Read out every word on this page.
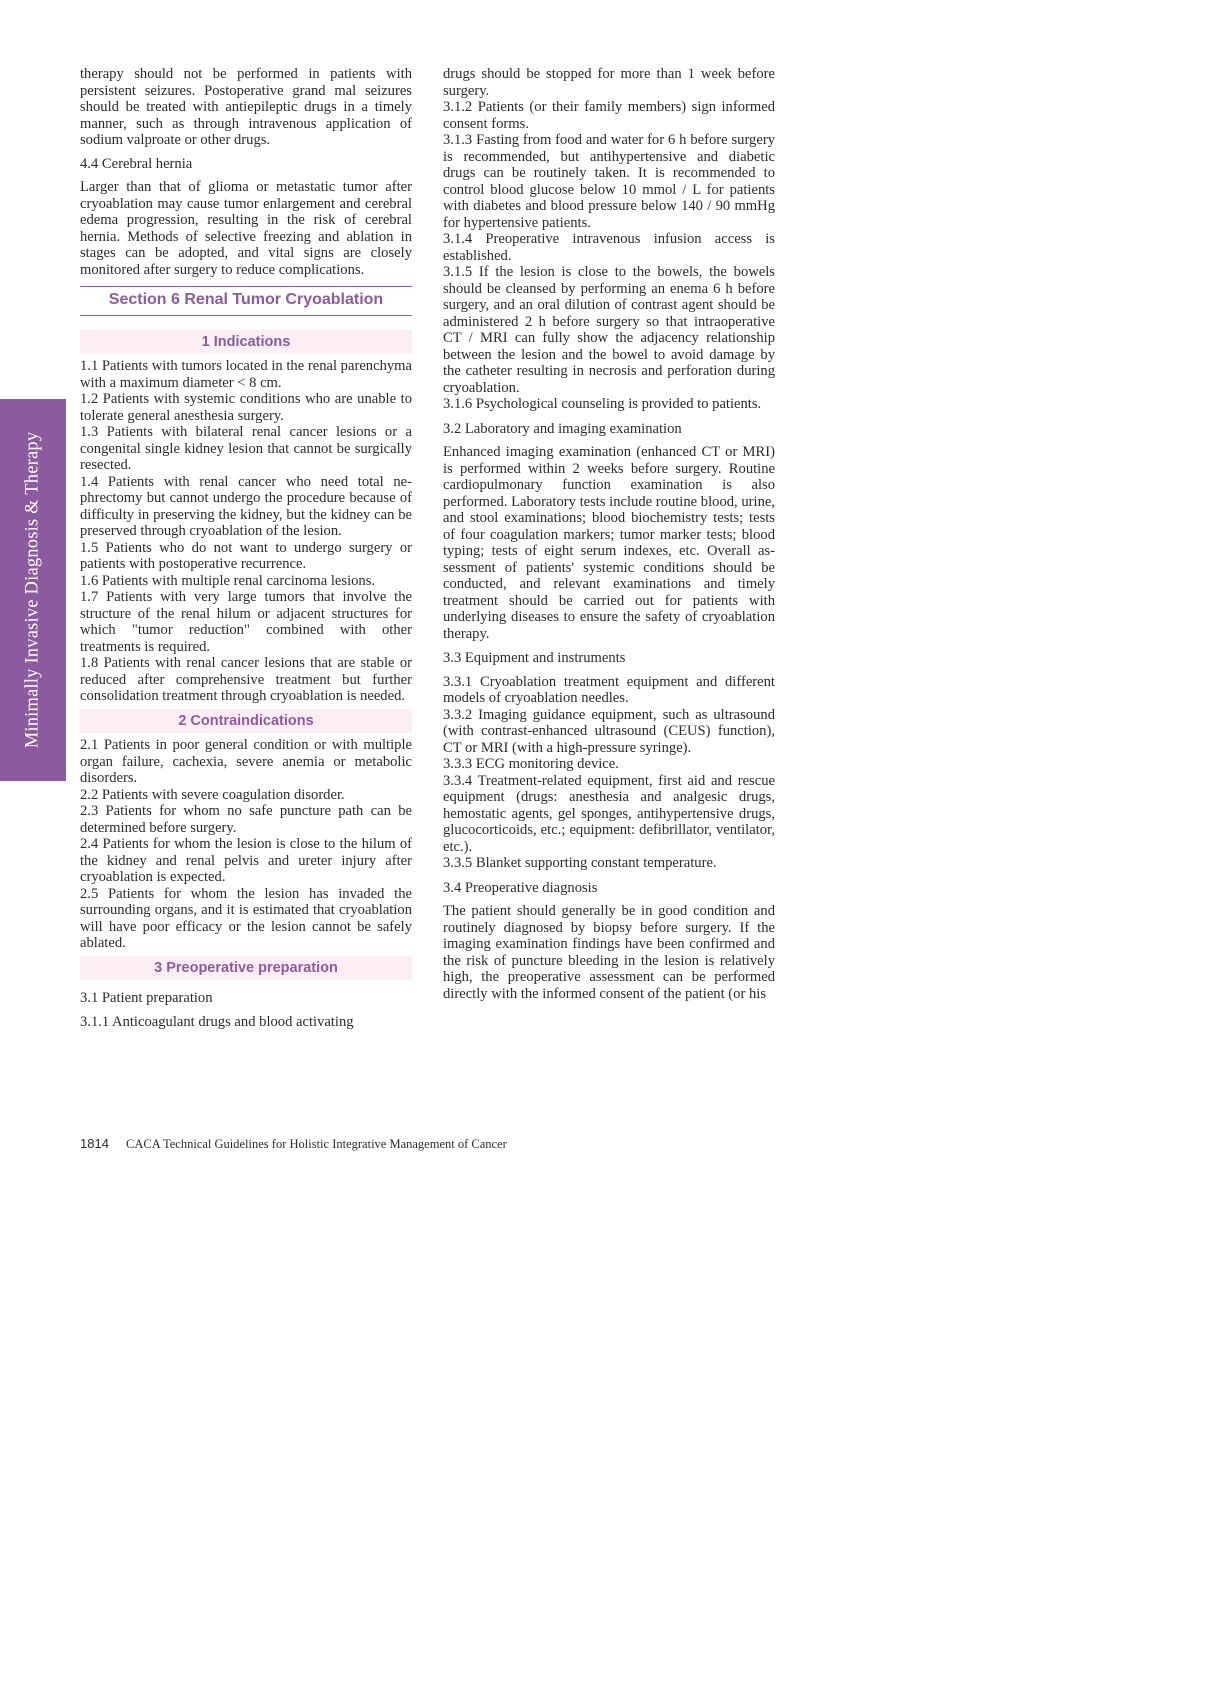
Minimally Invasive Diagnosis & Therapy

therapy should not be performed in patients with persistent seizures. Postoperative grand mal seizures should be treated with antiepileptic drugs in a timely manner, such as through intravenous application of sodium valproate or other drugs.

4.4 Cerebral hernia

Larger than that of glioma or metastatic tumor after cryoablation may cause tumor enlargement and cerebral edema progression, resulting in the risk of cerebral hernia. Methods of selective freezing and ablation in stages can be adopted, and vital signs are closely monitored after surgery to reduce complications.

Section 6 Renal Tumor Cryoablation
1 Indications

1.1 Patients with tumors located in the renal parenchyma with a maximum diameter < 8 cm.

1.2 Patients with systemic conditions who are unable to tolerate general anesthesia surgery.

1.3 Patients with bilateral renal cancer lesions or a congenital single kidney lesion that cannot be surgically resected.

1.4 Patients with renal cancer who need total nephrectomy but cannot undergo the procedure because of difficulty in preserving the kidney, but the kidney can be preserved through cryoablation of the lesion.

1.5 Patients who do not want to undergo surgery or patients with postoperative recurrence.

1.6 Patients with multiple renal carcinoma lesions.

1.7 Patients with very large tumors that involve the structure of the renal hilum or adjacent structures for which "tumor reduction" combined with other treatments is required.

1.8 Patients with renal cancer lesions that are stable or reduced after comprehensive treatment but further consolidation treatment through cryoablation is needed.

2 Contraindications

2.1 Patients in poor general condition or with multiple organ failure, cachexia, severe anemia or metabolic disorders.

2.2 Patients with severe coagulation disorder.

2.3 Patients for whom no safe puncture path can be determined before surgery.

2.4 Patients for whom the lesion is close to the hilum of the kidney and renal pelvis and ureter injury after cryoablation is expected.

2.5 Patients for whom the lesion has invaded the surrounding organs, and it is estimated that cryoablation will have poor efficacy or the lesion cannot be safely ablated.

3 Preoperative preparation

3.1 Patient preparation

3.1.1 Anticoagulant drugs and blood activating

drugs should be stopped for more than 1 week before surgery.

3.1.2 Patients (or their family members) sign informed consent forms.

3.1.3 Fasting from food and water for 6 h before surgery is recommended, but antihypertensive and diabetic drugs can be routinely taken. It is recommended to control blood glucose below 10 mmol / L for patients with diabetes and blood pressure below 140 / 90 mmHg for hypertensive patients.

3.1.4 Preoperative intravenous infusion access is established.

3.1.5 If the lesion is close to the bowels, the bowels should be cleansed by performing an enema 6 h before surgery, and an oral dilution of contrast agent should be administered 2 h before surgery so that intraoperative CT / MRI can fully show the adjacency relationship between the lesion and the bowel to avoid damage by the catheter resulting in necrosis and perforation during cryoablation.

3.1.6 Psychological counseling is provided to patients.

3.2 Laboratory and imaging examination

Enhanced imaging examination (enhanced CT or MRI) is performed within 2 weeks before surgery. Routine cardiopulmonary function examination is also performed. Laboratory tests include routine blood, urine, and stool examinations; blood biochemistry tests; tests of four coagulation markers; tumor marker tests; blood typing; tests of eight serum indexes, etc. Overall assessment of patients' systemic conditions should be conducted, and relevant examinations and timely treatment should be carried out for patients with underlying diseases to ensure the safety of cryoablation therapy.

3.3 Equipment and instruments

3.3.1 Cryoablation treatment equipment and different models of cryoablation needles.

3.3.2 Imaging guidance equipment, such as ultrasound (with contrast-enhanced ultrasound (CEUS) function), CT or MRI (with a high-pressure syringe).

3.3.3 ECG monitoring device.

3.3.4 Treatment-related equipment, first aid and rescue equipment (drugs: anesthesia and analgesic drugs, hemostatic agents, gel sponges, antihypertensive drugs, glucocorticoids, etc.; equipment: defibrillator, ventilator, etc.).

3.3.5 Blanket supporting constant temperature.

3.4 Preoperative diagnosis

The patient should generally be in good condition and routinely diagnosed by biopsy before surgery. If the imaging examination findings have been confirmed and the risk of puncture bleeding in the lesion is relatively high, the preoperative assessment can be performed directly with the informed consent of the patient (or his

1814 CACA Technical Guidelines for Holistic Integrative Management of Cancer
